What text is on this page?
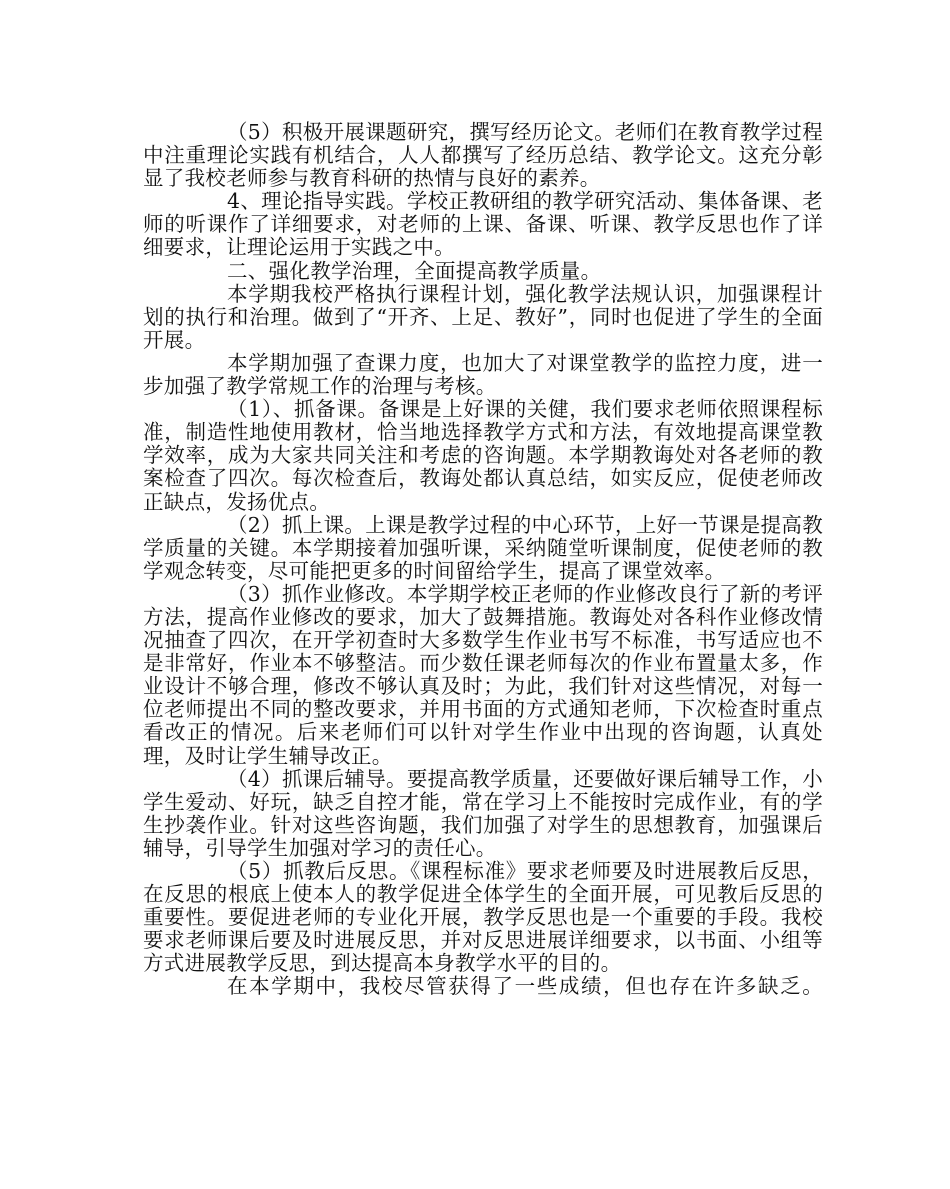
（5）积极开展课题研究，撰写经历论文。老师们在教育教学过程中注重理论实践有机结合，人人都撰写了经历总结、教学论文。这充分彰显了我校老师参与教育科研的热情与良好的素养。

4、理论指导实践。学校正教研组的教学研究活动、集体备课、老师的听课作了详细要求，对老师的上课、备课、听课、教学反思也作了详细要求，让理论运用于实践之中。

二、强化教学治理，全面提高教学质量。

本学期我校严格执行课程计划，强化教学法规认识，加强课程计划的执行和治理。做到了“开齐、上足、教好”，同时也促进了学生的全面开展。

本学期加强了查课力度，也加大了对课堂教学的监控力度，进一步加强了教学常规工作的治理与考核。

（1）、抓备课。备课是上好课的关健，我们要求老师依照课程标准，制造性地使用教材，恰当地选择教学方式和方法，有效地提高课堂教学效率，成为大家共同关注和考虑的咨询题。本学期教诲处对各老师的教案检查了四次。每次检查后，教诲处都认真总结，如实反应，促使老师改正缺点，发扬优点。

（2）抓上课。上课是教学过程的中心环节，上好一节课是提高教学质量的关键。本学期接着加强听课，采纳随堂听课制度，促使老师的教学观念转变，尽可能把更多的时间留给学生，提高了课堂效率。

（3）抓作业修改。本学期学校正老师的作业修改良行了新的考评方法，提高作业修改的要求，加大了鼓舞措施。教诲处对各科作业修改情况抽查了四次，在开学初查时大多数学生作业书写不标准，书写适应也不是非常好，作业本不够整洁。而少数任课老师每次的作业布置量太多，作业设计不够合理，修改不够认真及时；为此，我们针对这些情况，对每一位老师提出不同的整改要求，并用书面的方式通知老师，下次检查时重点看改正的情况。后来老师们可以针对学生作业中出现的咨询题，认真处理，及时让学生辅导改正。

（4）抓课后辅导。要提高教学质量，还要做好课后辅导工作，小学生爱动、好玩，缺乏自控才能，常在学习上不能按时完成作业，有的学生抄袭作业。针对这些咨询题，我们加强了对学生的思想教育，加强课后辅导，引导学生加强对学习的责任心。

（5）抓教后反思。《课程标准》要求老师要及时进展教后反思，在反思的根底上使本人的教学促进全体学生的全面开展，可见教后反思的重要性。要促进老师的专业化开展，教学反思也是一个重要的手段。我校要求老师课后要及时进展反思，并对反思进展详细要求，以书面、小组等方式进展教学反思，到达提高本身教学水平的目的。

在本学期中，我校尽管获得了一些成绩，但也存在许多缺乏。
